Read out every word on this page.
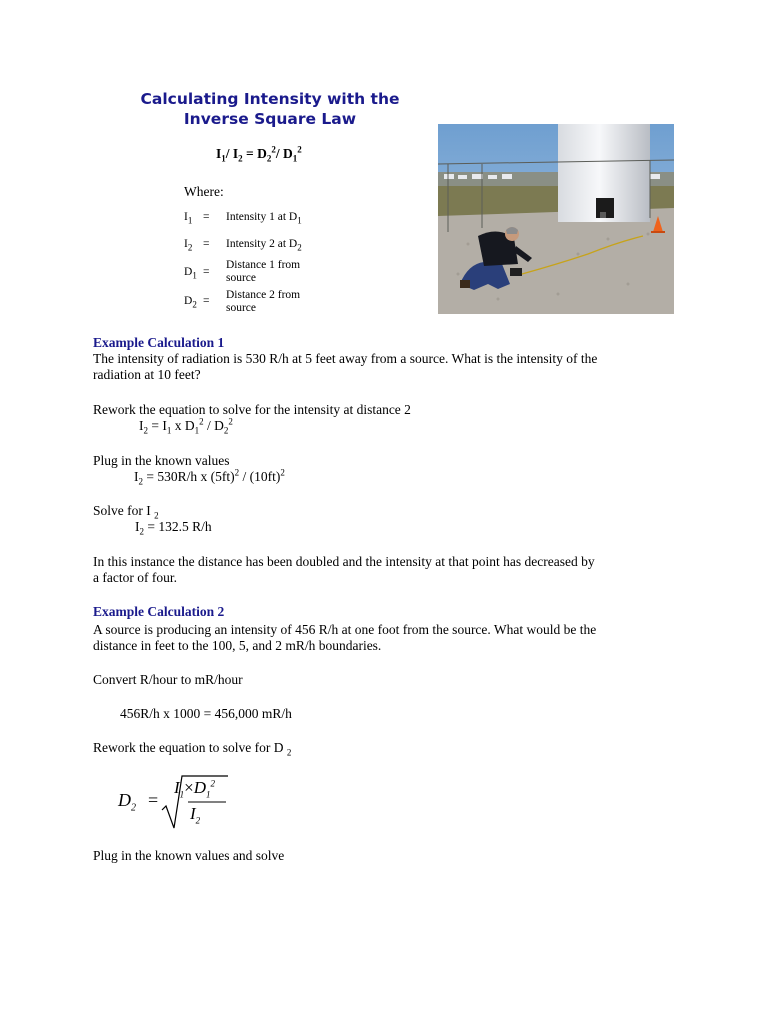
Calculating Intensity with the
Inverse Square Law
$I_1/$ $I_2 = D_2^2/$ $D_1^2$
Where:
$I_1$ = Intensity 1 at $D_1$
$I_2$ = Intensity 2 at $D_2$
$D_1$ =
Distance 1 from
source
$D_2$ = Distance 2 from
source
Example Calculation 1
The intensity of radiation is 530 R/h at 5 feet away from a source. What is the intensity of the
radiation at 10 feet?
Rework the equation to solve for the intensity at distance 2
$I_2 = I_1$ x $D_1^2 / D_2^2$
Plug in the known values
$I_2 = 530R/h$ x $(5ft)^2 / (10ft)^2$
Solve for I $_2$
$I_2 = 132.5$ R/h
In this instance the distance has been doubled and the intensity at that point has decreased by
a factor of four.
Example Calculation 2
A source is producing an intensity of 456 R/h at one foot from the source. What would be the
distance in feet to the 100, 5, and 2 mR/h boundaries.
Convert R/hour to mR/hour
456R/h x 1000 = 456,000 mR/h
Rework the equation to solve for D $_2$
$D_2$ =
$I_1\times D_1^2$
$I_2$
Plug in the known values and solve
